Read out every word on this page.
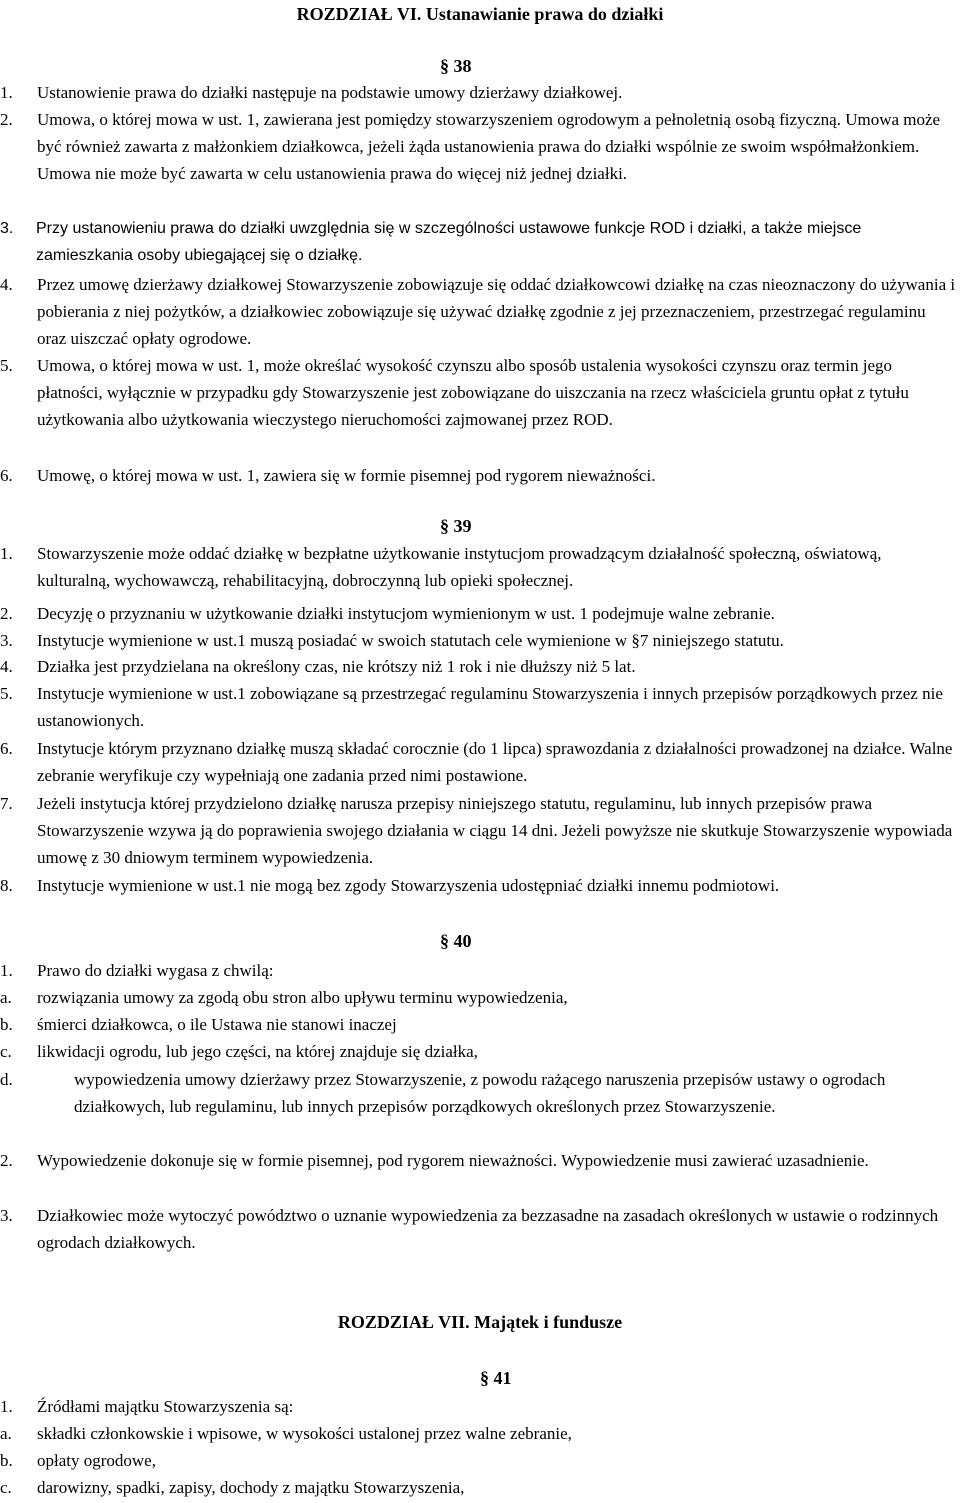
ROZDZIAŁ VI. Ustanawianie prawa do działki
§ 38
1.	Ustanowienie prawa do działki następuje na podstawie umowy dzierżawy działkowej.
2.	Umowa, o której mowa w ust. 1, zawierana jest pomiędzy stowarzyszeniem ogrodowym a pełnoletnią osobą fizyczną. Umowa może być również zawarta z małżonkiem działkowca, jeżeli żąda ustanowienia prawa do działki wspólnie ze swoim współmałżonkiem. Umowa nie może być zawarta w celu ustanowienia prawa do więcej niż jednej działki.
3.	Przy ustanowieniu prawa do działki uwzględnia się w szczególności ustawowe funkcje ROD i działki, a także miejsce zamieszkania osoby ubiegającej się o działkę.
4.	Przez umowę dzierżawy działkowej Stowarzyszenie zobowiązuje się oddać działkowcowi działkę na czas nieoznaczony do używania i pobierania z niej pożytków, a działkowiec zobowiązuje się używać działkę zgodnie z jej przeznaczeniem, przestrzegać regulaminu oraz uiszczać opłaty ogrodowe.
5.	Umowa, o której mowa w ust. 1, może określać wysokość czynszu albo sposób ustalenia wysokości czynszu oraz termin jego płatności, wyłącznie w przypadku gdy Stowarzyszenie jest zobowiązane do uiszczania na rzecz właściciela gruntu opłat z tytułu użytkowania albo użytkowania wieczystego nieruchomości zajmowanej przez ROD.
6.	Umowę, o której mowa w ust. 1, zawiera się w formie pisemnej pod rygorem nieważności.
§ 39
1.	Stowarzyszenie może oddać działkę w bezpłatne użytkowanie instytucjom prowadzącym działalność społeczną, oświatową, kulturalną, wychowawczą, rehabilitacyjną, dobroczynną lub opieki społecznej.
2.	Decyzję o przyznaniu w użytkowanie działki instytucjom wymienionym w ust. 1 podejmuje walne zebranie.
3.	Instytucje wymienione w ust.1 muszą posiadać w swoich statutach cele wymienione w §7 niniejszego statutu.
4.	Działka jest przydzielana na określony czas, nie krótszy niż 1 rok i nie dłuższy niż 5 lat.
5.	Instytucje wymienione w ust.1 zobowiązane są przestrzegać regulaminu Stowarzyszenia i innych przepisów porządkowych przez nie ustanowionych.
6.	Instytucje którym przyznano działkę muszą składać corocznie (do 1 lipca) sprawozdania z działalności prowadzonej na działce. Walne zebranie weryfikuje czy wypełniają one zadania przed nimi postawione.
7.	Jeżeli instytucja której przydzielono działkę narusza przepisy niniejszego statutu, regulaminu, lub innych przepisów prawa Stowarzyszenie wzywa ją do poprawienia swojego działania w ciągu 14 dni. Jeżeli powyższe nie skutkuje Stowarzyszenie wypowiada umowę z 30 dniowym terminem wypowiedzenia.
8.	Instytucje wymienione w ust.1 nie mogą bez zgody Stowarzyszenia udostępniać działki innemu podmiotowi.
§ 40
1.	Prawo do działki wygasa z chwilą:
a.	rozwiązania umowy za zgodą obu stron albo upływu terminu wypowiedzenia,
b.	śmierci działkowca, o ile Ustawa nie stanowi inaczej
c.	likwidacji ogrodu, lub jego części, na której znajduje się działka,
d.	wypowiedzenia umowy dzierżawy przez Stowarzyszenie, z powodu rażącego naruszenia przepisów ustawy o ogrodach działkowych, lub regulaminu, lub innych przepisów porządkowych określonych przez Stowarzyszenie.
2.	Wypowiedzenie dokonuje się w formie pisemnej, pod rygorem nieważności. Wypowiedzenie musi zawierać uzasadnienie.
3.	Działkowiec może wytoczyć powództwo o uznanie wypowiedzenia za bezzasadne na zasadach określonych w ustawie o rodzinnych ogrodach działkowych.
ROZDZIAŁ VII. Majątek i fundusze
§ 41
1.	Źródłami majątku Stowarzyszenia są:
a.	składki członkowskie i wpisowe, w wysokości ustalonej przez walne zebranie,
b.	opłaty ogrodowe,
c.	darowizny, spadki, zapisy, dochody z majątku Stowarzyszenia,
